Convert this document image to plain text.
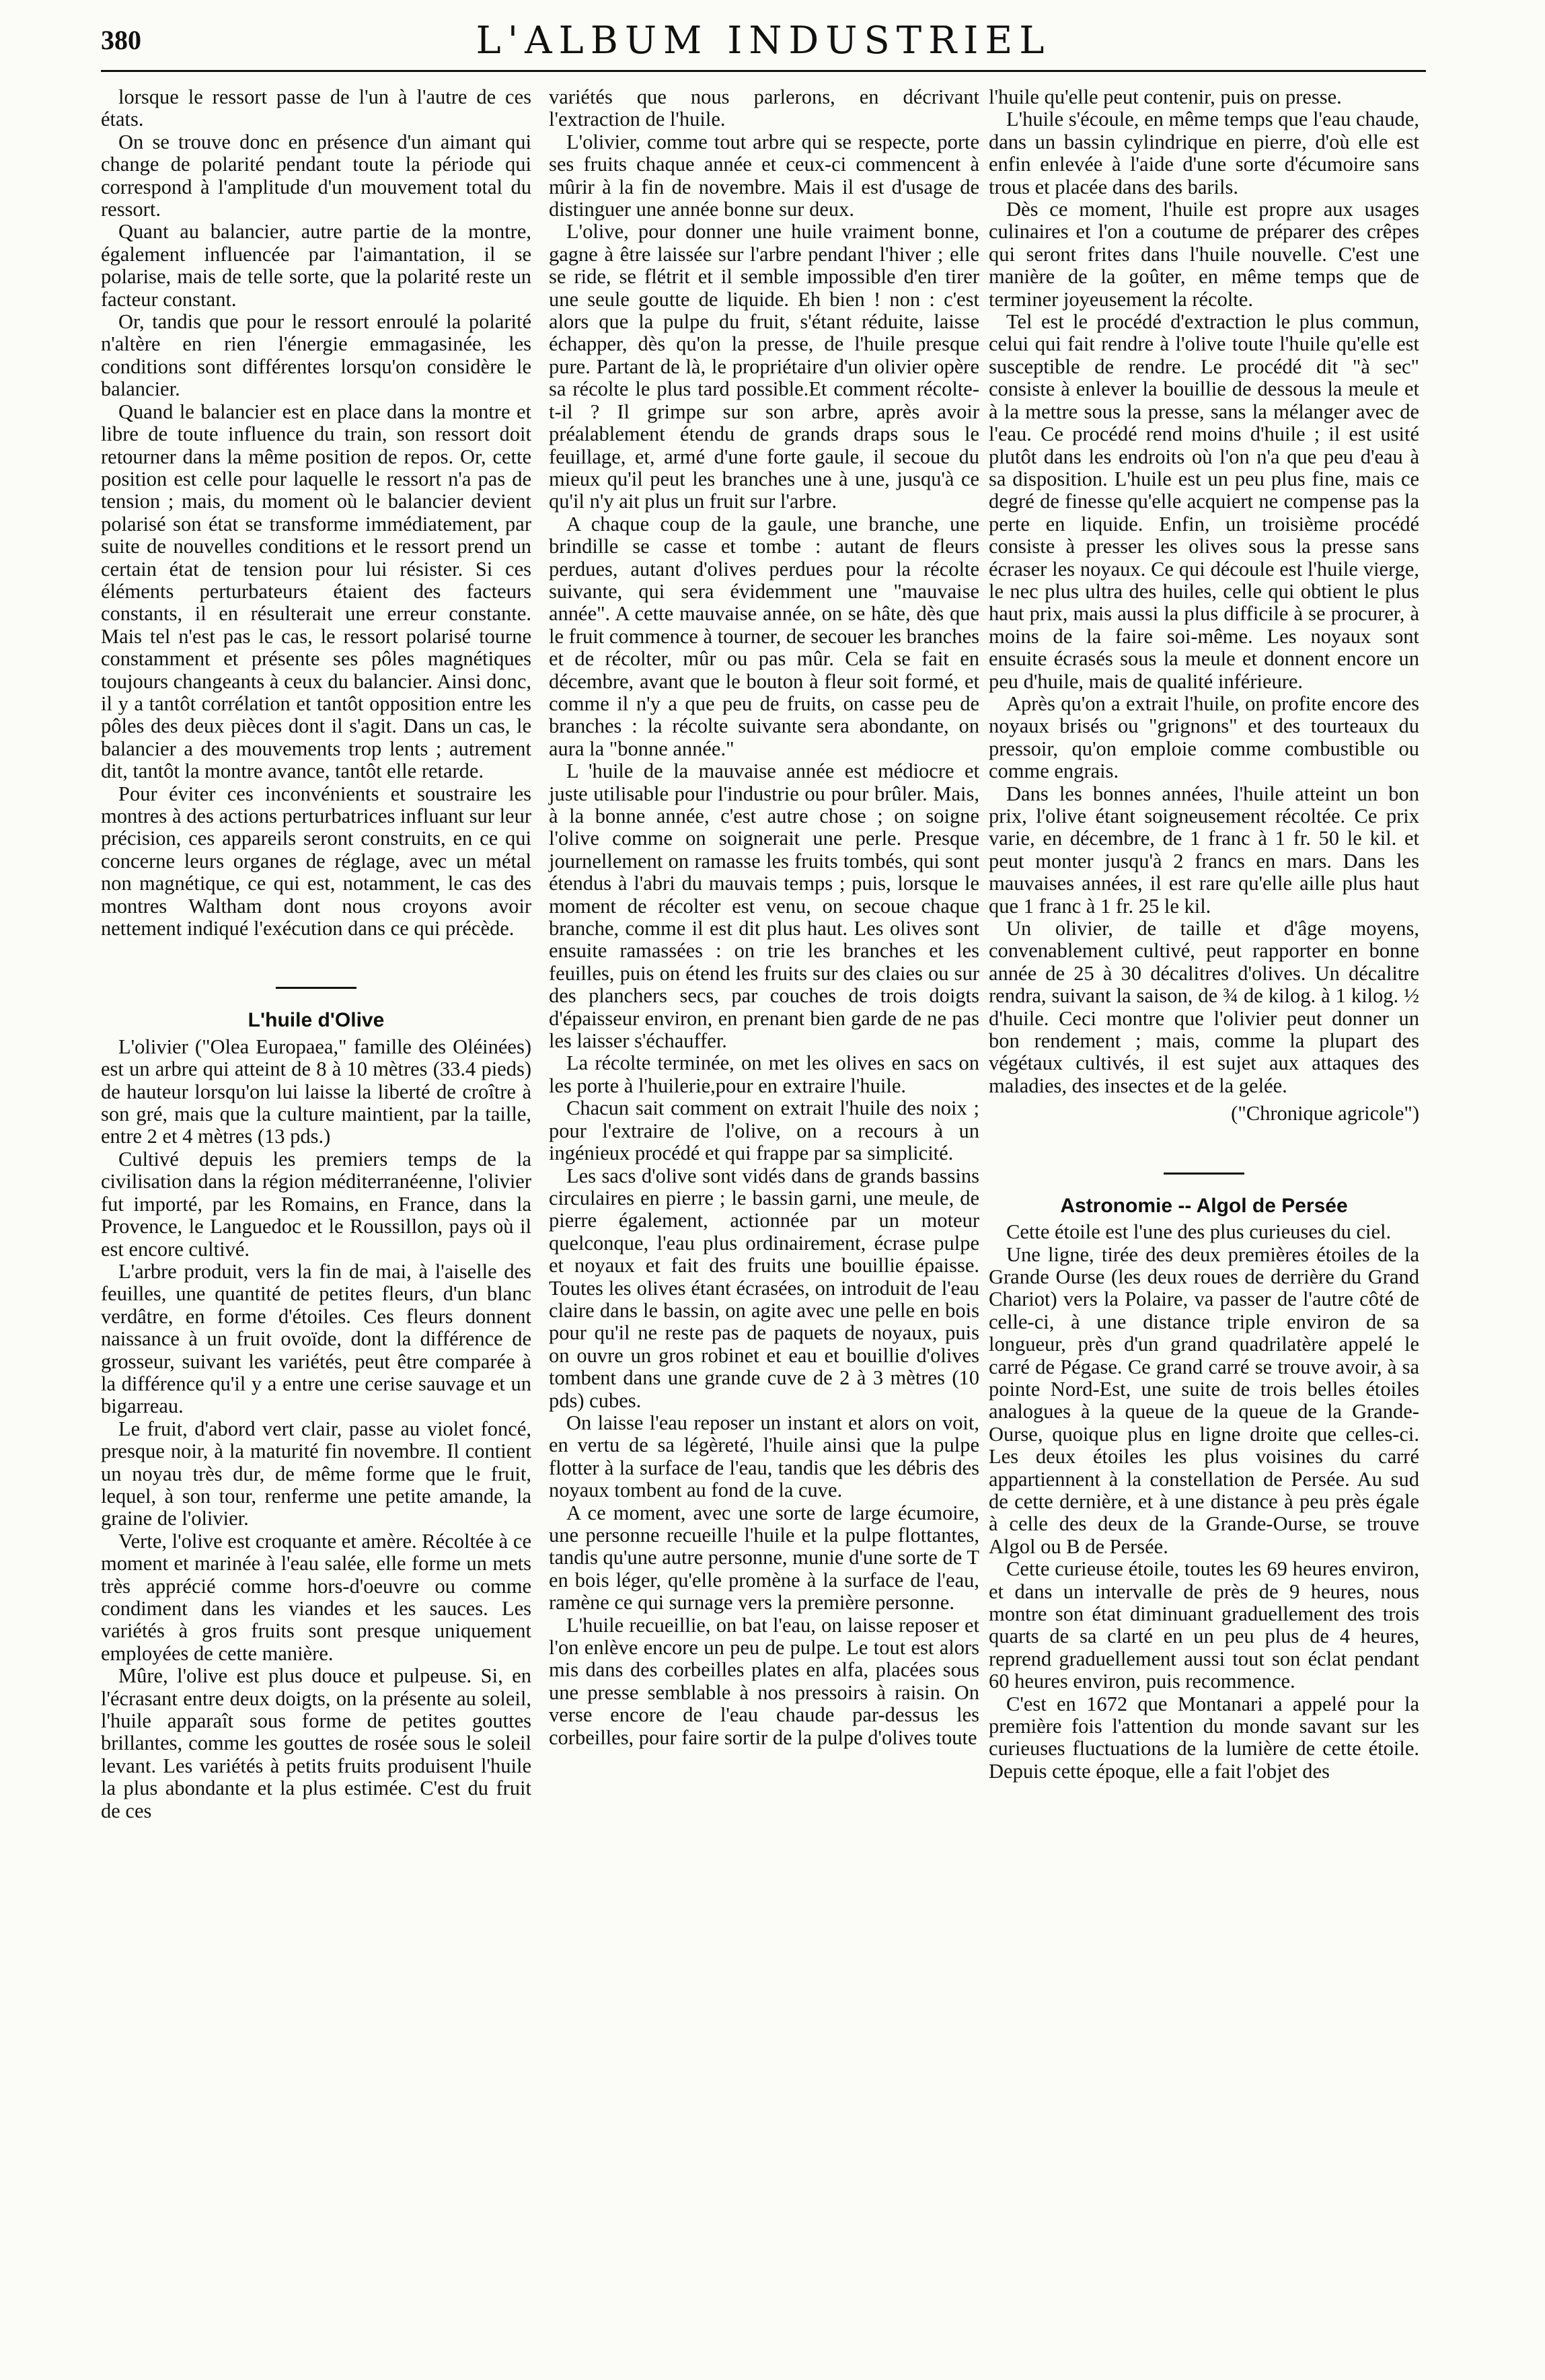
380	L'ALBUM INDUSTRIEL

lorsque le ressort passe de l'un à l'autre de ces états.

On se trouve donc en présence d'un aimant qui change de polarité pendant toute la période qui correspond à l'amplitude d'un mouvement total du ressort.

Quant au balancier, autre partie de la montre, également influencée par l'aimantation, il se polarise, mais de telle sorte, que la polarité reste un facteur constant.

Or, tandis que pour le ressort enroulé la polarité n'altère en rien l'énergie emmagasinée, les conditions sont différentes lorsqu'on considère le balancier.

Quand le balancier est en place dans la montre et libre de toute influence du train, son ressort doit retourner dans la même position de repos. Or, cette position est celle pour laquelle le ressort n'a pas de tension ; mais, du moment où le balancier devient polarisé son état se transforme immédiatement, par suite de nouvelles conditions et le ressort prend un certain état de tension pour lui résister. Si ces éléments perturbateurs étaient des facteurs constants, il en résulterait une erreur constante. Mais tel n'est pas le cas, le ressort polarisé tourne constamment et présente ses pôles magnétiques toujours changeants à ceux du balancier. Ainsi donc, il y a tantôt corrélation et tantôt opposition entre les pôles des deux pièces dont il s'agit. Dans un cas, le balancier a des mouvements trop lents ; autrement dit, tantôt la montre avance, tantôt elle retarde.

Pour éviter ces inconvénients et soustraire les montres à des actions perturbatrices influant sur leur précision, ces appareils seront construits, en ce qui concerne leurs organes de réglage, avec un métal non magnétique, ce qui est, notamment, le cas des montres Waltham dont nous croyons avoir nettement indiqué l'exécution dans ce qui précède.

L'huile d'Olive

L'olivier ("Olea Europaea," famille des Oléinées) est un arbre qui atteint de 8 à 10 mètres (33.4 pieds) de hauteur lorsqu'on lui laisse la liberté de croître à son gré, mais que la culture maintient, par la taille, entre 2 et 4 mètres (13 pds.)

Cultivé depuis les premiers temps de la civilisation dans la région méditerranéenne, l'olivier fut importé, par les Romains, en France, dans la Provence, le Languedoc et le Roussillon, pays où il est encore cultivé.

L'arbre produit, vers la fin de mai, à l'aiselle des feuilles, une quantité de petites fleurs, d'un blanc verdâtre, en forme d'étoiles. Ces fleurs donnent naissance à un fruit ovoïde, dont la différence de grosseur, suivant les variétés, peut être comparée à la différence qu'il y a entre une cerise sauvage et un bigarreau.

Le fruit, d'abord vert clair, passe au violet foncé, presque noir, à la maturité fin novembre. Il contient un noyau très dur, de même forme que le fruit, lequel, à son tour, renferme une petite amande, la graine de l'olivier.

Verte, l'olive est croquante et amère. Récoltée à ce moment et marinée à l'eau salée, elle forme un mets très apprécié comme hors-d'oeuvre ou comme condiment dans les viandes et les sauces. Les variétés à gros fruits sont presque uniquement employées de cette manière.

Mûre, l'olive est plus douce et pulpeuse. Si, en l'écrasant entre deux doigts, on la présente au soleil, l'huile apparaît sous forme de petites gouttes brillantes, comme les gouttes de rosée sous le soleil levant. Les variétés à petits fruits produisent l'huile la plus abondante et la plus estimée. C'est du fruit de ces

variétés que nous parlerons, en décrivant l'extraction de l'huile.

L'olivier, comme tout arbre qui se respecte, porte ses fruits chaque année et ceux-ci commencent à mûrir à la fin de novembre. Mais il est d'usage de distinguer une année bonne sur deux.

L'olive, pour donner une huile vraiment bonne, gagne à être laissée sur l'arbre pendant l'hiver ; elle se ride, se flétrit et il semble impossible d'en tirer une seule goutte de liquide. Eh bien ! non : c'est alors que la pulpe du fruit, s'étant réduite, laisse échapper, dès qu'on la presse, de l'huile presque pure. Partant de là, le propriétaire d'un olivier opère sa récolte le plus tard possible.Et comment récolte-t-il ? Il grimpe sur son arbre, après avoir préalablement étendu de grands draps sous le feuillage, et, armé d'une forte gaule, il secoue du mieux qu'il peut les branches une à une, jusqu'à ce qu'il n'y ait plus un fruit sur l'arbre.

A chaque coup de la gaule, une branche, une brindille se casse et tombe : autant de fleurs perdues, autant d'olives perdues pour la récolte suivante, qui sera évidemment une "mauvaise année". A cette mauvaise année, on se hâte, dès que le fruit commence à tourner, de secouer les branches et de récolter, mûr ou pas mûr. Cela se fait en décembre, avant que le bouton à fleur soit formé, et comme il n'y a que peu de fruits, on casse peu de branches : la récolte suivante sera abondante, on aura la "bonne année."

L 'huile de la mauvaise année est médiocre et juste utilisable pour l'industrie ou pour brûler. Mais, à la bonne année, c'est autre chose ; on soigne l'olive comme on soignerait une perle. Presque journellement on ramasse les fruits tombés, qui sont étendus à l'abri du mauvais temps ; puis, lorsque le moment de récolter est venu, on secoue chaque branche, comme il est dit plus haut. Les olives sont ensuite ramassées : on trie les branches et les feuilles, puis on étend les fruits sur des claies ou sur des planchers secs, par couches de trois doigts d'épaisseur environ, en prenant bien garde de ne pas les laisser s'échauffer.

La récolte terminée, on met les olives en sacs on les porte à l'huilerie,pour en extraire l'huile.

Chacun sait comment on extrait l'huile des noix ; pour l'extraire de l'olive, on a recours à un ingénieux procédé et qui frappe par sa simplicité.

Les sacs d'olive sont vidés dans de grands bassins circulaires en pierre ; le bassin garni, une meule, de pierre également, actionnée par un moteur quelconque, l'eau plus ordinairement, écrase pulpe et noyaux et fait des fruits une bouillie épaisse. Toutes les olives étant écrasées, on introduit de l'eau claire dans le bassin, on agite avec une pelle en bois pour qu'il ne reste pas de paquets de noyaux, puis on ouvre un gros robinet et eau et bouillie d'olives tombent dans une grande cuve de 2 à 3 mètres (10 pds) cubes.

On laisse l'eau reposer un instant et alors on voit, en vertu de sa légèreté, l'huile ainsi que la pulpe flotter à la surface de l'eau, tandis que les débris des noyaux tombent au fond de la cuve.

A ce moment, avec une sorte de large écumoire, une personne recueille l'huile et la pulpe flottantes, tandis qu'une autre personne, munie d'une sorte de T en bois léger, qu'elle promène à la surface de l'eau, ramène ce qui surnage vers la première personne.

L'huile recueillie, on bat l'eau, on laisse reposer et l'on enlève encore un peu de pulpe. Le tout est alors mis dans des corbeilles plates en alfa, placées sous une presse semblable à nos pressoirs à raisin. On verse encore de l'eau chaude par-dessus les corbeilles, pour faire sortir de la pulpe d'olives toute

l'huile qu'elle peut contenir, puis on presse.

L'huile s'écoule, en même temps que l'eau chaude, dans un bassin cylindrique en pierre, d'où elle est enfin enlevée à l'aide d'une sorte d'écumoire sans trous et placée dans des barils.

Dès ce moment, l'huile est propre aux usages culinaires et l'on a coutume de préparer des crêpes qui seront frites dans l'huile nouvelle. C'est une manière de la goûter, en même temps que de terminer joyeusement la récolte.

Tel est le procédé d'extraction le plus commun, celui qui fait rendre à l'olive toute l'huile qu'elle est susceptible de rendre. Le procédé dit "à sec" consiste à enlever la bouillie de dessous la meule et à la mettre sous la presse, sans la mélanger avec de l'eau. Ce procédé rend moins d'huile ; il est usité plutôt dans les endroits où l'on n'a que peu d'eau à sa disposition. L'huile est un peu plus fine, mais ce degré de finesse qu'elle acquiert ne compense pas la perte en liquide. Enfin, un troisième procédé consiste à presser les olives sous la presse sans écraser les noyaux. Ce qui découle est l'huile vierge, le nec plus ultra des huiles, celle qui obtient le plus haut prix, mais aussi la plus difficile à se procurer, à moins de la faire soi-même. Les noyaux sont ensuite écrasés sous la meule et donnent encore un peu d'huile, mais de qualité inférieure.

Après qu'on a extrait l'huile, on profite encore des noyaux brisés ou "grignons" et des tourteaux du pressoir, qu'on emploie comme combustible ou comme engrais.

Dans les bonnes années, l'huile atteint un bon prix, l'olive étant soigneusement récoltée. Ce prix varie, en décembre, de 1 franc à 1 fr. 50 le kil. et peut monter jusqu'à 2 francs en mars. Dans les mauvaises années, il est rare qu'elle aille plus haut que 1 franc à 1 fr. 25 le kil.

Un olivier, de taille et d'âge moyens, convenablement cultivé, peut rapporter en bonne année de 25 à 30 décalitres d'olives. Un décalitre rendra, suivant la saison, de ¾ de kilog. à 1 kilog. ½ d'huile. Ceci montre que l'olivier peut donner un bon rendement ; mais, comme la plupart des végétaux cultivés, il est sujet aux attaques des maladies, des insectes et de la gelée.

("Chronique agricole")

Astronomie -- Algol de Persée

Cette étoile est l'une des plus curieuses du ciel.

Une ligne, tirée des deux premières étoiles de la Grande Ourse (les deux roues de derrière du Grand Chariot) vers la Polaire, va passer de l'autre côté de celle-ci, à une distance triple environ de sa longueur, près d'un grand quadrilatère appelé le carré de Pégase. Ce grand carré se trouve avoir, à sa pointe Nord-Est, une suite de trois belles étoiles analogues à la queue de la queue de la Grande-Ourse, quoique plus en ligne droite que celles-ci. Les deux étoiles les plus voisines du carré appartiennent à la constellation de Persée. Au sud de cette dernière, et à une distance à peu près égale à celle des deux de la Grande-Ourse, se trouve Algol ou B de Persée.

Cette curieuse étoile, toutes les 69 heures environ, et dans un intervalle de près de 9 heures, nous montre son état diminuant graduellement des trois quarts de sa clarté en un peu plus de 4 heures, reprend graduellement aussi tout son éclat pendant 60 heures environ, puis recommence.

C'est en 1672 que Montanari a appelé pour la première fois l'attention du monde savant sur les curieuses fluctuations de la lumière de cette étoile. Depuis cette époque, elle a fait l'objet des
